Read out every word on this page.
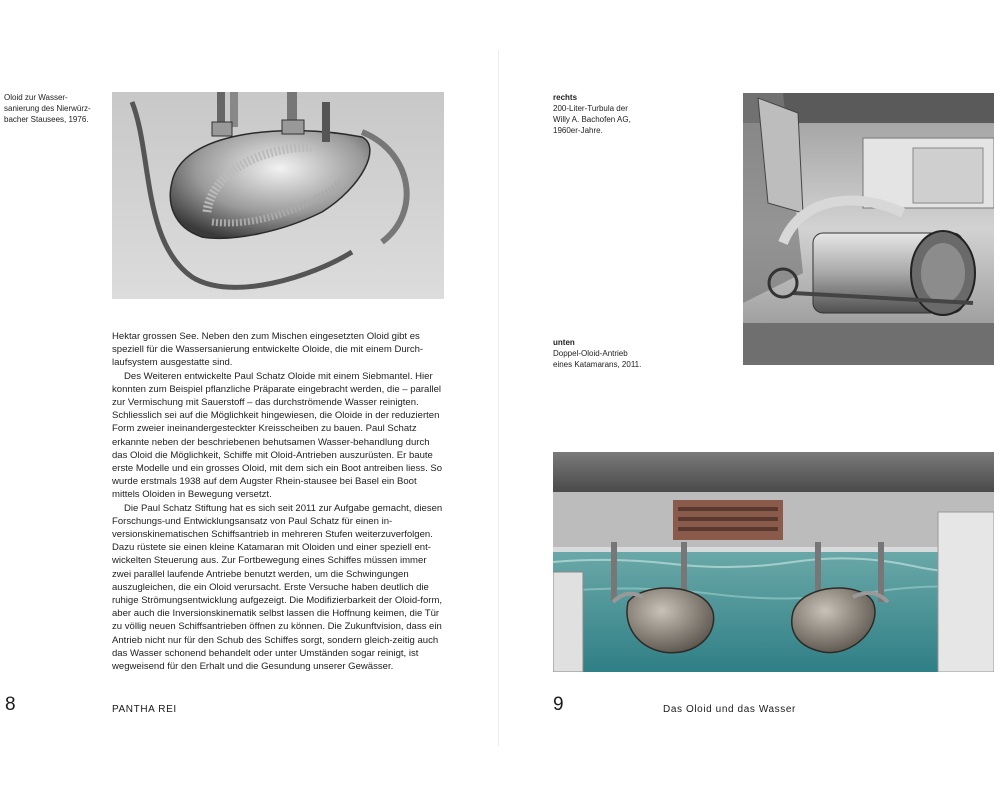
Oloid zur Wasser-
sanierung des Nierwürz-
bacher Stausees, 1976.

Hektar grossen See. Neben den zum Mischen eingesetzten Oloid gibt es speziell für die Wassersanierung entwickelte Oloide, die mit einem Durch-laufsystem ausgestatte sind.

Des Weiteren entwickelte Paul Schatz Oloide mit einem Siebmantel. Hier konnten zum Beispiel pflanzliche Präparate eingebracht werden, die – parallel zur Vermischung mit Sauerstoff – das durchströmende Wasser reinigten. Schliesslich sei auf die Möglichkeit hingewiesen, die Oloide in der reduzierten Form zweier ineinandergesteckter Kreisscheiben zu bauen. Paul Schatz erkannte neben der beschriebenen behutsamen Wasser-behandlung durch das Oloid die Möglichkeit, Schiffe mit Oloid-Antrieben auszurüsten. Er baute erste Modelle und ein grosses Oloid, mit dem sich ein Boot antreiben liess. So wurde erstmals 1938 auf dem Augster Rhein-stausee bei Basel ein Boot mittels Oloiden in Bewegung versetzt.

Die Paul Schatz Stiftung hat es sich seit 2011 zur Aufgabe gemacht, diesen Forschungs-und Entwicklungsansatz von Paul Schatz für einen in-versionskinematischen Schiffsantrieb in mehreren Stufen weiterzuverfolgen. Dazu rüstete sie einen kleine Katamaran mit Oloiden und einer speziell ent-wickelten Steuerung aus. Zur Fortbewegung eines Schiffes müssen immer zwei parallel laufende Antriebe benutzt werden, um die Schwingungen auszugleichen, die ein Oloid verursacht. Erste Versuche haben deutlich die ruhige Strömungsentwicklung aufgezeigt. Die Modifizierbarkeit der Oloid-form, aber auch die Inversionskinematik selbst lassen die Hoffnung keimen, die Tür zu völlig neuen Schiffsantrieben öffnen zu können. Die Zukunftvision, dass ein Antrieb nicht nur für den Schub des Schiffes sorgt, sondern gleich-zeitig auch das Wasser schonend behandelt oder unter Umständen sogar reinigt, ist wegweisend für den Erhalt und die Gesundung unserer Gewässer.

8	PANTHA REI
rechts
200-Liter-Turbula der
Willy A. Bachofen AG,
1960er-Jahre.
unten
Doppel-Oloid-Antrieb
eines Katamarans, 2011.
9	Das Oloid und das Wasser
